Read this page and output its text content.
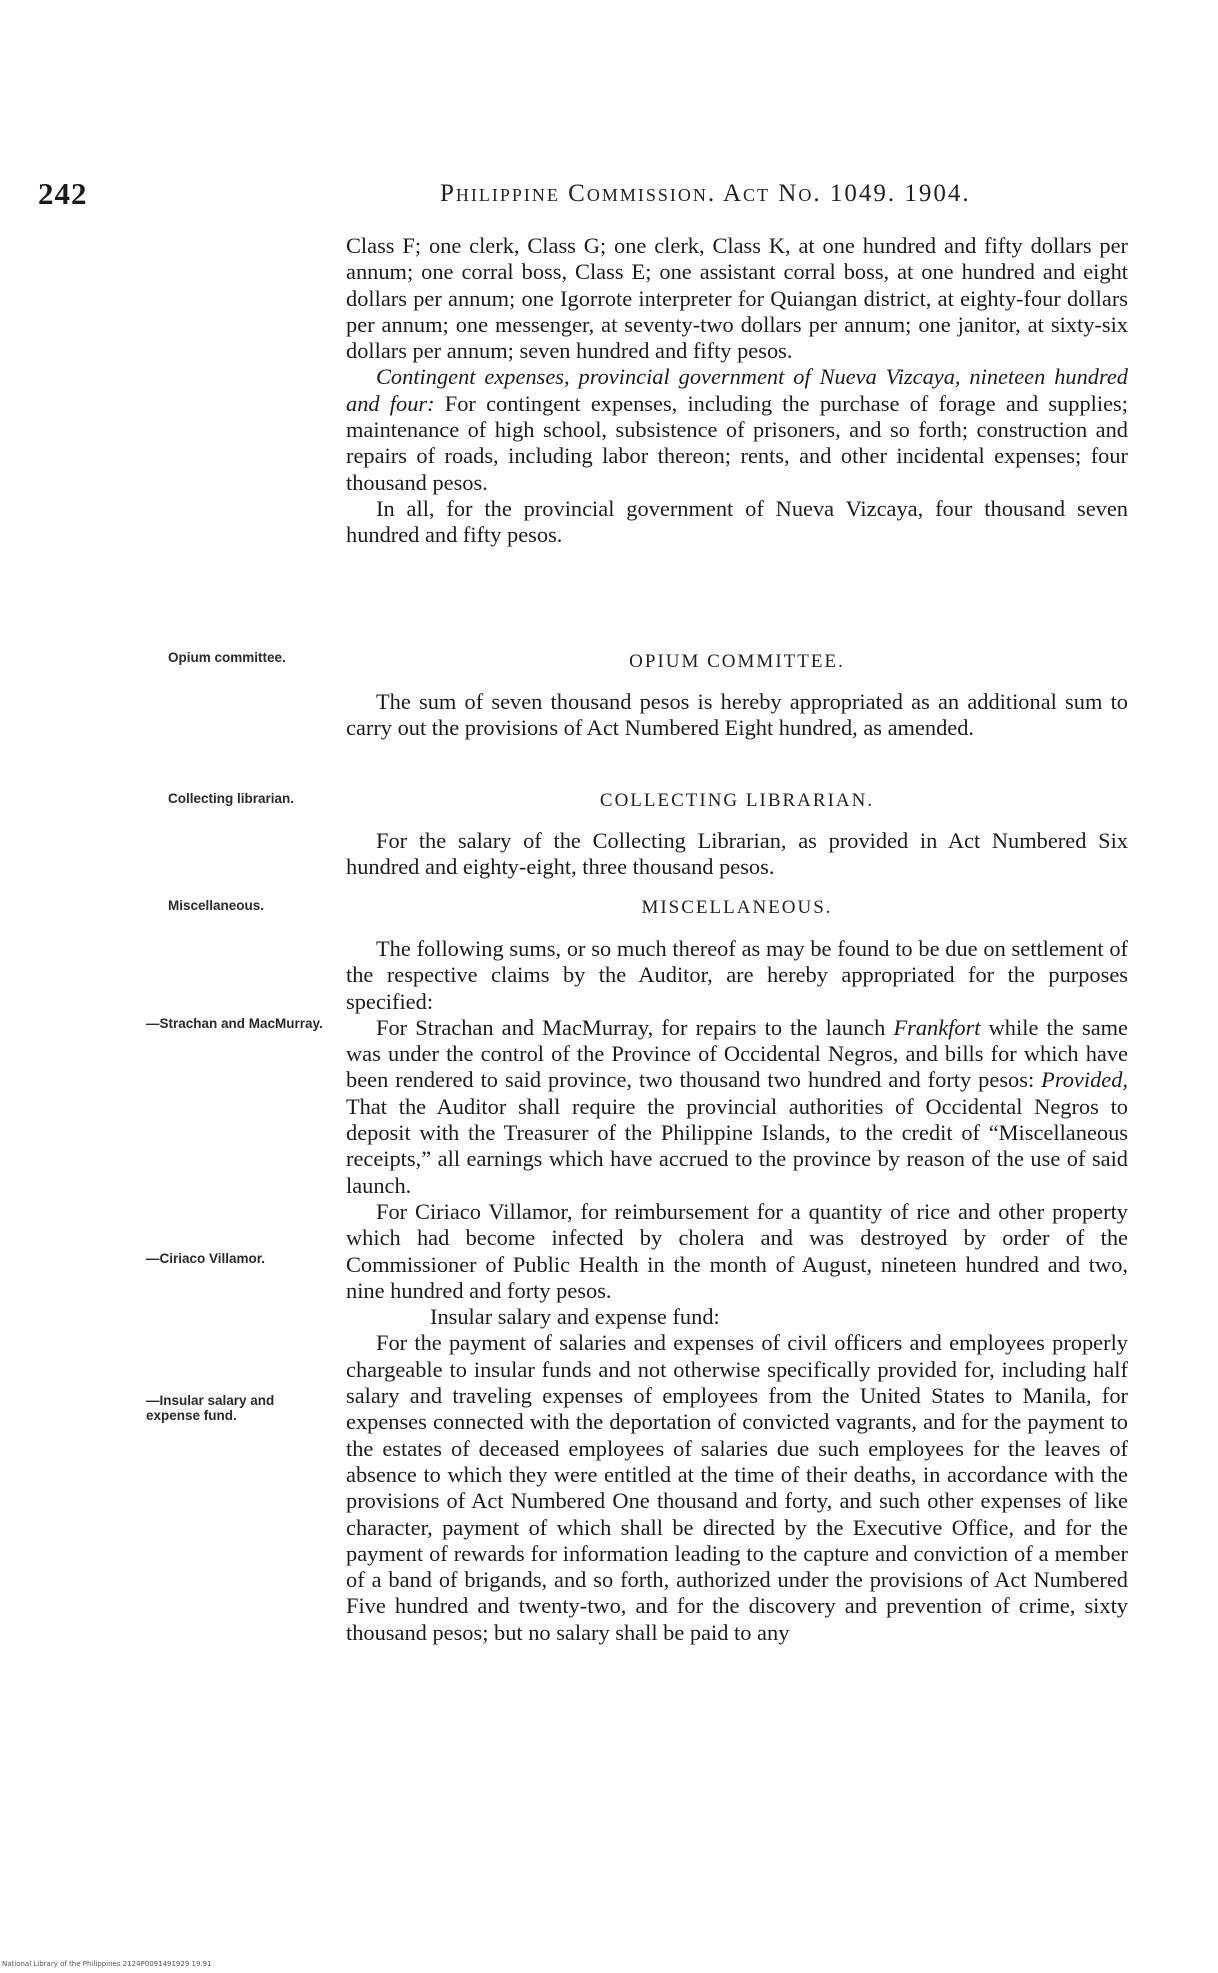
242	Philippine Commission. Act No. 1049. 1904.

Class F; one clerk, Class G; one clerk, Class K, at one hundred and fifty dollars per annum; one corral boss, Class E; one assistant corral boss, at one hundred and eight dollars per annum; one Igorrote interpreter for Quiangan district, at eighty-four dollars per annum; one messenger, at seventy-two dollars per annum; one janitor, at sixty-six dollars per annum; seven hundred and fifty pesos.

Contingent expenses, provincial government of Nueva Vizcaya, nineteen hundred and four: For contingent expenses, including the purchase of forage and supplies; maintenance of high school, subsistence of prisoners, and so forth; construction and repairs of roads, including labor thereon; rents, and other incidental expenses; four thousand pesos.

In all, for the provincial government of Nueva Vizcaya, four thousand seven hundred and fifty pesos.

Opium committee.	OPIUM COMMITTEE.

The sum of seven thousand pesos is hereby appropriated as an additional sum to carry out the provisions of Act Numbered Eight hundred, as amended.

Collecting librarian.	COLLECTING LIBRARIAN.

For the salary of the Collecting Librarian, as provided in Act Numbered Six hundred and eighty-eight, three thousand pesos.

Miscellaneous.	MISCELLANEOUS.

The following sums, or so much thereof as may be found to be due on settlement of the respective claims by the Auditor, are hereby appropriated for the purposes specified:

For Strachan and MacMurray, for repairs to the launch Frankfort while the same was under the control of the Province of Occidental Negros, and bills for which have been rendered to said province, two thousand two hundred and forty pesos: Provided, That the Auditor shall require the provincial authorities of Occidental Negros to deposit with the Treasurer of the Philippine Islands, to the credit of “Miscellaneous receipts,” all earnings which have accrued to the province by reason of the use of said launch.

For Ciriaco Villamor, for reimbursement for a quantity of rice and other property which had become infected by cholera and was destroyed by order of the Commissioner of Public Health in the month of August, nineteen hundred and two, nine hundred and forty pesos.

Insular salary and expense fund:

For the payment of salaries and expenses of civil officers and employees properly chargeable to insular funds and not otherwise specifically provided for, including half salary and traveling expenses of employees from the United States to Manila, for expenses connected with the deportation of convicted vagrants, and for the payment to the estates of deceased employees of salaries due such employees for the leaves of absence to which they were entitled at the time of their deaths, in accordance with the provisions of Act Numbered One thousand and forty, and such other expenses of like character, payment of which shall be directed by the Executive Office, and for the payment of rewards for information leading to the capture and conviction of a member of a band of brigands, and so forth, authorized under the provisions of Act Numbered Five hundred and twenty-two, and for the discovery and prevention of crime, sixty thousand pesos; but no salary shall be paid to any

—Strachan and MacMurray.
—Ciriaco Villamor.
—Insular salary and expense fund.
National Library of the Philippines 2124P0091491929 19.91
